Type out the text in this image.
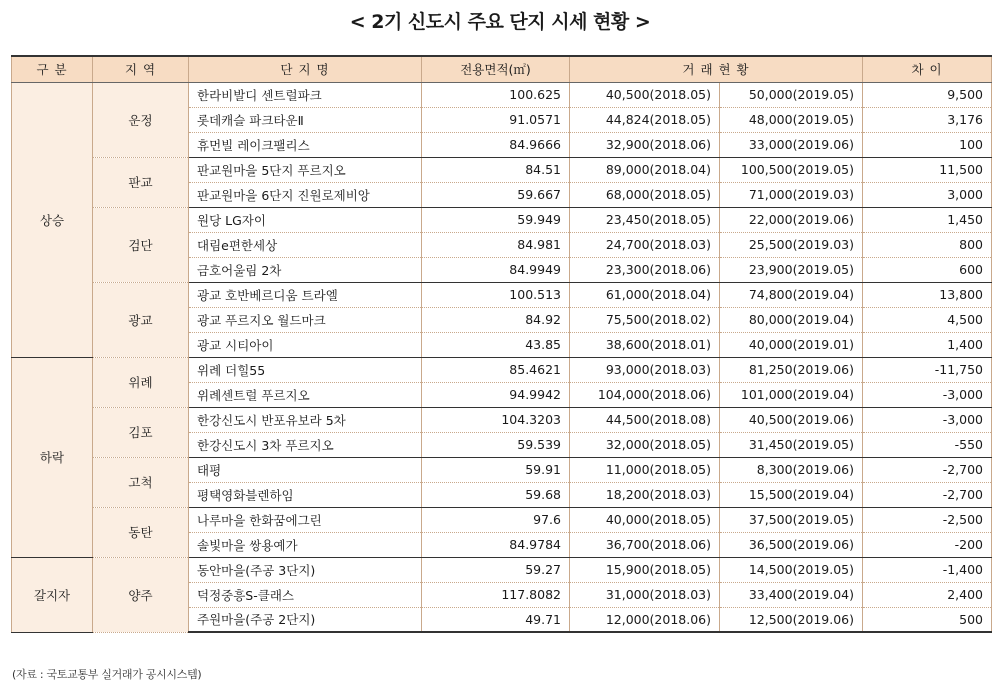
< 2기 신도시 주요 단지 시세 현황 >
구 분	지 역	단 지 명	전용면적(㎡)	거 래 현 황		차 이
상승	운정	한라비발디 센트럴파크	100.625	40,500(2018.05)	50,000(2019.05)	9,500
		롯데캐슬 파크타운Ⅱ	91.0571	44,824(2018.05)	48,000(2019.05)	3,176
		휴먼빌 레이크팰리스	84.9666	32,900(2018.06)	33,000(2019.06)	100
	판교	판교원마을 5단지 푸르지오	84.51	89,000(2018.04)	100,500(2019.05)	11,500
		판교원마을 6단지 진원로제비앙	59.667	68,000(2018.05)	71,000(2019.03)	3,000
	검단	원당 LG자이	59.949	23,450(2018.05)	22,000(2019.06)	1,450
		대림e편한세상	84.981	24,700(2018.03)	25,500(2019.03)	800
		금호어울림 2차	84.9949	23,300(2018.06)	23,900(2019.05)	600
	광교	광교 호반베르디움 트라엘	100.513	61,000(2018.04)	74,800(2019.04)	13,800
		광교 푸르지오 월드마크	84.92	75,500(2018.02)	80,000(2019.04)	4,500
		광교 시티아이	43.85	38,600(2018.01)	40,000(2019.01)	1,400
하락	위례	위례 더힐55	85.4621	93,000(2018.03)	81,250(2019.06)	-11,750
		위례센트럴 푸르지오	94.9942	104,000(2018.06)	101,000(2019.04)	-3,000
	김포	한강신도시 반포유보라 5차	104.3203	44,500(2018.08)	40,500(2019.06)	-3,000
		한강신도시 3차 푸르지오	59.539	32,000(2018.05)	31,450(2019.05)	-550
	고척	태평	59.91	11,000(2018.05)	8,300(2019.06)	-2,700
		평택영화블렌하임	59.68	18,200(2018.03)	15,500(2019.04)	-2,700
	동탄	나루마을 한화꿈에그린	97.6	40,000(2018.05)	37,500(2019.05)	-2,500
		솔빛마을 쌍용예가	84.9784	36,700(2018.06)	36,500(2019.06)	-200
갈지자	양주	동안마을(주공 3단지)	59.27	15,900(2018.05)	14,500(2019.05)	-1,400
		덕정중흥S-클래스	117.8082	31,000(2018.03)	33,400(2019.04)	2,400
		주원마을(주공 2단지)	49.71	12,000(2018.06)	12,500(2019.06)	500
(자료 : 국토교통부 실거래가 공시시스템)
